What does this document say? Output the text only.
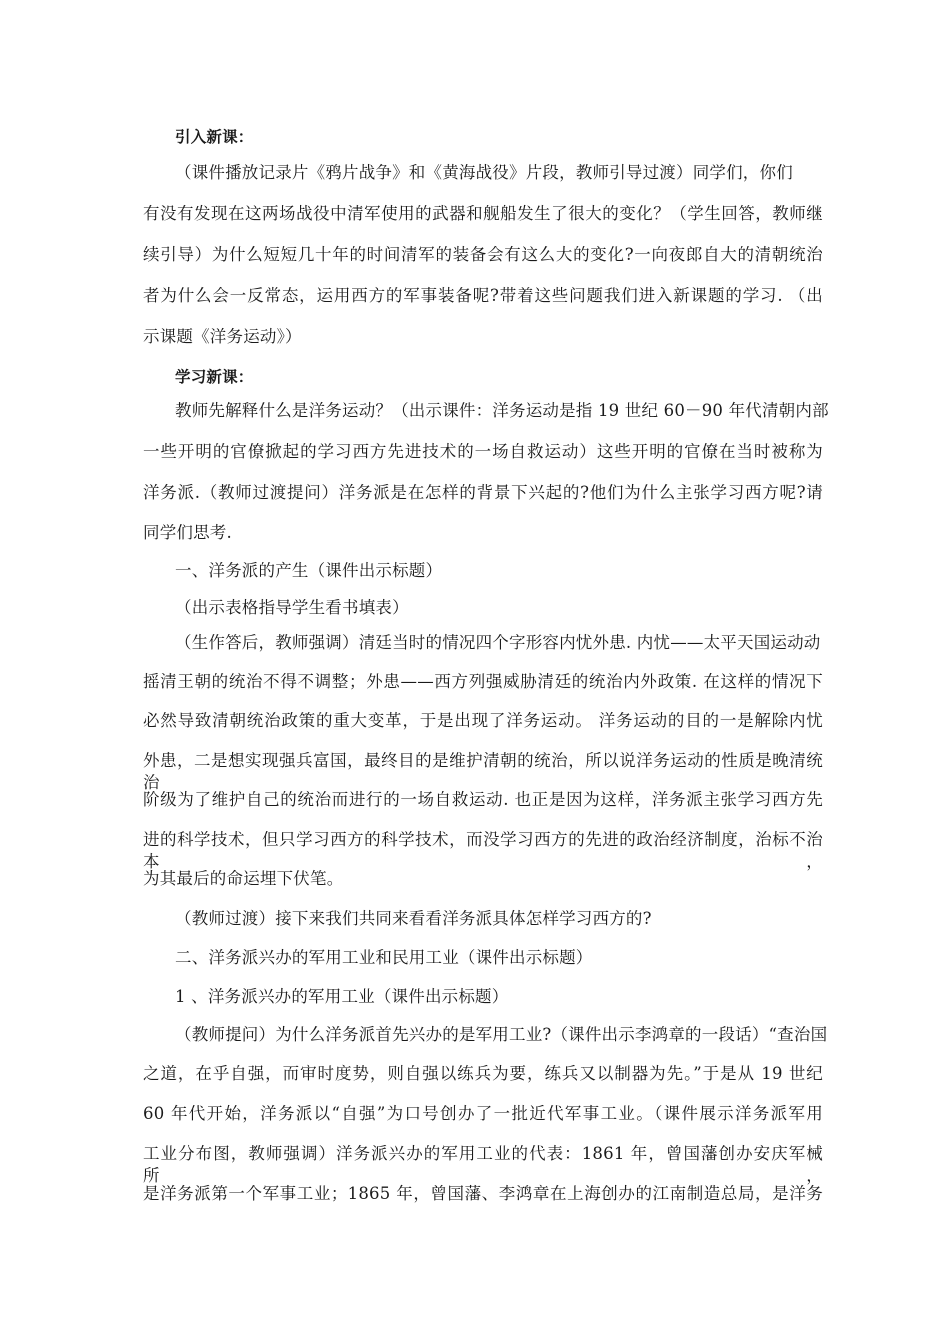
引入新课：
（课件播放记录片《鸦片战争》和《黄海战役》片段，教师引导过渡）同学们，你们
有没有发现在这两场战役中清军使用的武器和舰船发生了很大的变化？（学生回答，教师继
续引导）为什么短短几十年的时间清军的装备会有这么大的变化?一向夜郎自大的清朝统治
者为什么会一反常态，运用西方的军事装备呢?带着这些问题我们进入新课题的学习. （出
示课题《洋务运动》）
学习新课：
教师先解释什么是洋务运动？（出示课件：洋务运动是指 19 世纪 60－90 年代清朝内部
一些开明的官僚掀起的学习西方先进技术的一场自救运动）这些开明的官僚在当时被称为
洋务派.（教师过渡提问）洋务派是在怎样的背景下兴起的?他们为什么主张学习西方呢?请
同学们思考.
一、洋务派的产生（课件出示标题）
（出示表格指导学生看书填表）
（生作答后，教师强调）清廷当时的情况四个字形容内忧外患. 内忧——太平天国运动动
摇清王朝的统治不得不调整；外患——西方列强威胁清廷的统治内外政策. 在这样的情况下
必然导致清朝统治政策的重大变革，于是出现了洋务运动。 洋务运动的目的一是解除内忧
外患，二是想实现强兵富国，最终目的是维护清朝的统治，所以说洋务运动的性质是晚清统治
阶级为了维护自己的统治而进行的一场自救运动. 也正是因为这样，洋务派主张学习西方先
进的科学技术，但只学习西方的科学技术，而没学习西方的先进的政治经济制度，治标不治本，
为其最后的命运埋下伏笔。
（教师过渡）接下来我们共同来看看洋务派具体怎样学习西方的?
二、洋务派兴办的军用工业和民用工业（课件出示标题）
1 、洋务派兴办的军用工业（课件出示标题）
（教师提问）为什么洋务派首先兴办的是军用工业?（课件出示李鸿章的一段话）“查治国
之道，在乎自强，而审时度势，则自强以练兵为要，练兵又以制器为先。”于是从 19 世纪
60 年代开始，洋务派以“自强”为口号创办了一批近代军事工业。（课件展示洋务派军用
工业分布图，教师强调）洋务派兴办的军用工业的代表：1861 年，曾国藩创办安庆军械所，
是洋务派第一个军事工业；1865 年，曾国藩、李鸿章在上海创办的江南制造总局，是洋务
